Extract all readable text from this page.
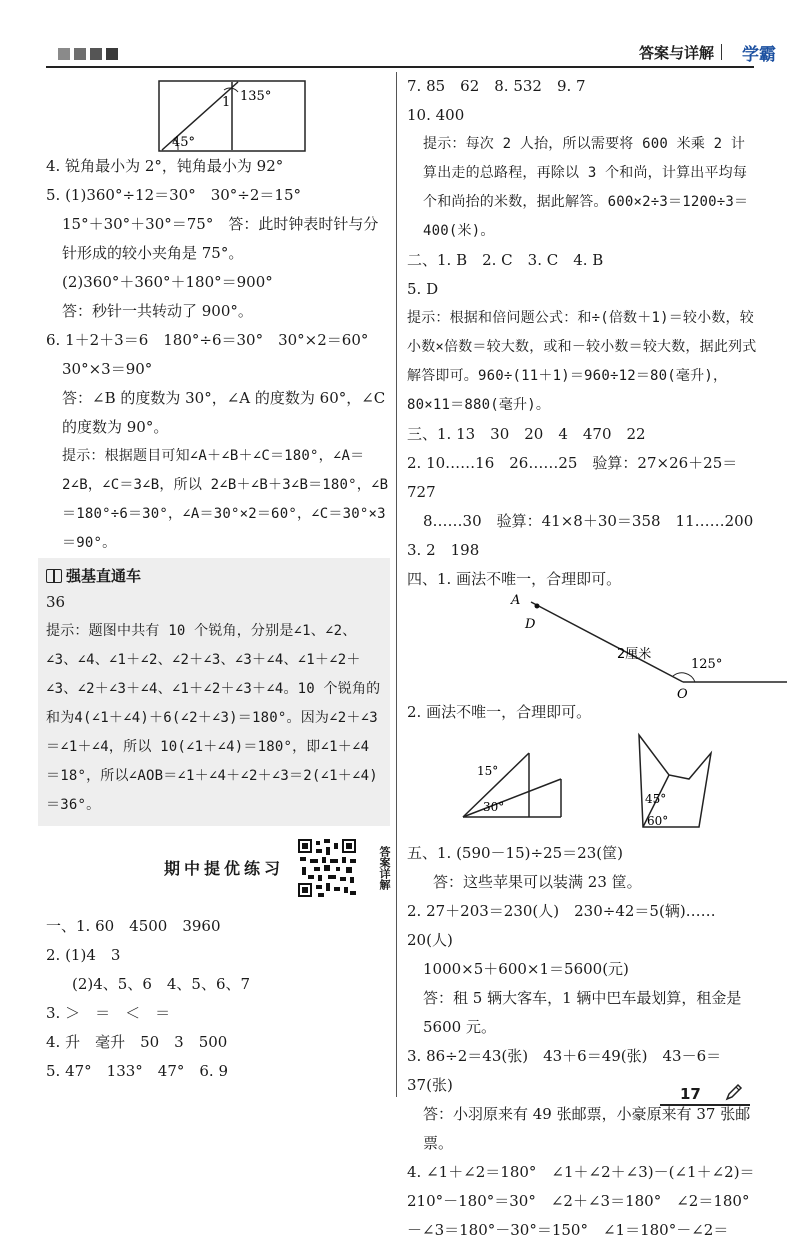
答案与详解 学霸
1 135°
45°

4. 锐角最小为 2°，钝角最小为 92°

5. (1)360°÷12＝30°　30°÷2＝15°

15°＋30°＋30°＝75°　答：此时钟表时针与分针形成的较小夹角是 75°。

(2)360°＋360°＋180°＝900°

答：秒针一共转动了 900°。

6. 1＋2＋3＝6　180°÷6＝30°　30°×2＝60°

30°×3＝90°

答：∠B 的度数为 30°，∠A 的度数为 60°，∠C 的度数为 90°。

提示：根据题目可知∠A＋∠B＋∠C＝180°，∠A＝2∠B，∠C＝3∠B，所以 2∠B＋∠B＋3∠B＝180°，∠B＝180°÷6＝30°，∠A＝30°×2＝60°，∠C＝30°×3＝90°。

强基直通车

36

提示：题图中共有 10 个锐角，分别是∠1、∠2、∠3、∠4、∠1＋∠2、∠2＋∠3、∠3＋∠4、∠1＋∠2＋∠3、∠2＋∠3＋∠4、∠1＋∠2＋∠3＋∠4。10 个锐角的和为4(∠1＋∠4)＋6(∠2＋∠3)＝180°。因为∠2＋∠3＝∠1＋∠4，所以 10(∠1＋∠4)＝180°，即∠1＋∠4＝18°，所以∠AOB＝∠1＋∠4＋∠2＋∠3＝2(∠1＋∠4)＝36°。

期中提优练习	答案详解

一、1. 60　4500　3960

2. (1)4　3

(2)4、5、6　4、5、6、7

3. ＞　＝　＜　＝

4. 升　毫升　50　3　500

5. 47°　133°　47°　6. 9

7. 85　62　8. 532　9. 7

10. 400

提示：每次 2 人抬，所以需要将 600 米乘 2 计算出走的总路程，再除以 3 个和尚，计算出平均每个和尚抬的米数，据此解答。600×2÷3＝1200÷3＝400(米)。

二、1. B　2. C　3. C　4. B

5. D

提示：根据和倍问题公式：和÷(倍数＋1)＝较小数，较小数×倍数＝较大数，或和－较小数＝较大数，据此列式解答即可。960÷(11＋1)＝960÷12＝80(毫升)，80×11＝880(毫升)。

三、1. 13　30　20　4　470　22

2. 10……16　26……25　验算：27×26＋25＝727

8……30　验算：41×8＋30＝358　11……200

3. 2　198

四、1. 画法不唯一，合理即可。

A
D
O
2厘米
125°

2. 画法不唯一，合理即可。

15°
30°
45°
60°

五、1. (590－15)÷25＝23(筐)

答：这些苹果可以装满 23 筐。

2. 27＋203＝230(人)　230÷42＝5(辆)……20(人)

1000×5＋600×1＝5600(元)

答：租 5 辆大客车，1 辆中巴车最划算，租金是 5600 元。

3. 86÷2＝43(张)　43＋6＝49(张)　43－6＝37(张)

答：小羽原来有 49 张邮票，小豪原来有 37 张邮票。

4. ∠1＋∠2＝180°　∠1＋∠2＋∠3)－(∠1＋∠2)＝210°－180°＝30°　∠2＋∠3＝180°　∠2＝180°－∠3＝180°－30°＝150°　∠1＝180°－∠2＝

17
